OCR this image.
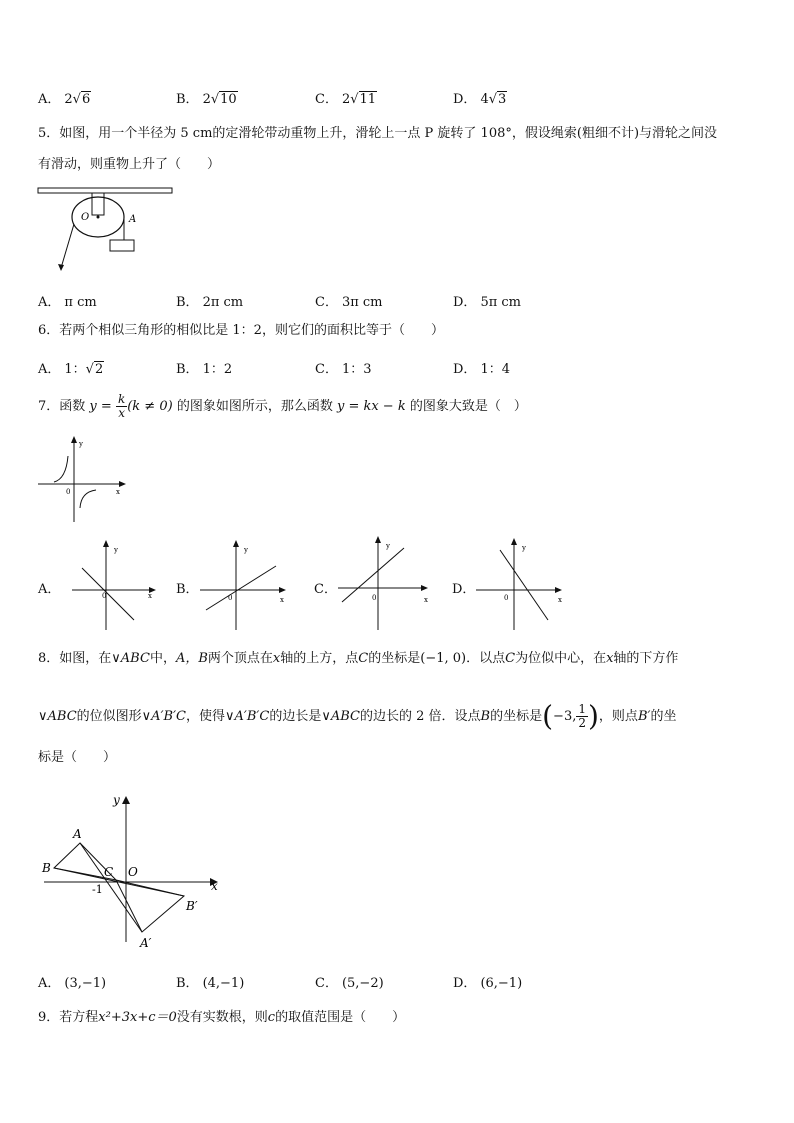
A． 2√6	B． 2√10	C． 2√11	D． 4√3
5．如图，用一个半径为 5 cm的定滑轮带动重物上升，滑轮上一点 P 旋转了 108°，假设绳索(粗细不计)与滑轮之间没
有滑动，则重物上升了（　　）
O	A
A． π cm	B． 2π cm	C． 3π cm	D． 5π cm
6．若两个相似三角形的相似比是 1：2，则它们的面积比等于（　　）
A． 1：√2	B． 1：2	C． 1：3	D． 1：4
7．函数 $y = \frac{k}{x} (k \ne 0)$ 的图象如图所示，那么函数 y = kx − k 的图象大致是（　）
y
x
0
A．
y
x
0	B．
y
x
0
C．
y
x
0
D．
y
x
0
8．如图，在∨ABC中，A，B两个顶点在x轴的上方，点C的坐标是(−1, 0)．以点C为位似中心，在x轴的下方作
∨ABC的位似图形∨A′B′C，使得∨A′B′C的边长是∨ABC的边长的 2 倍．设点B的坐标是(−3, $\frac{1}{2}$ )，则点B′的坐
标是（　　）
y
x
A
B	C O
-1
B′
A′
A． (3,−1)	B． (4,−1)	C． (5,−2)	D． (6,−1)
9．若方程x²+3x+c＝0没有实数根，则c的取值范围是（　　）
